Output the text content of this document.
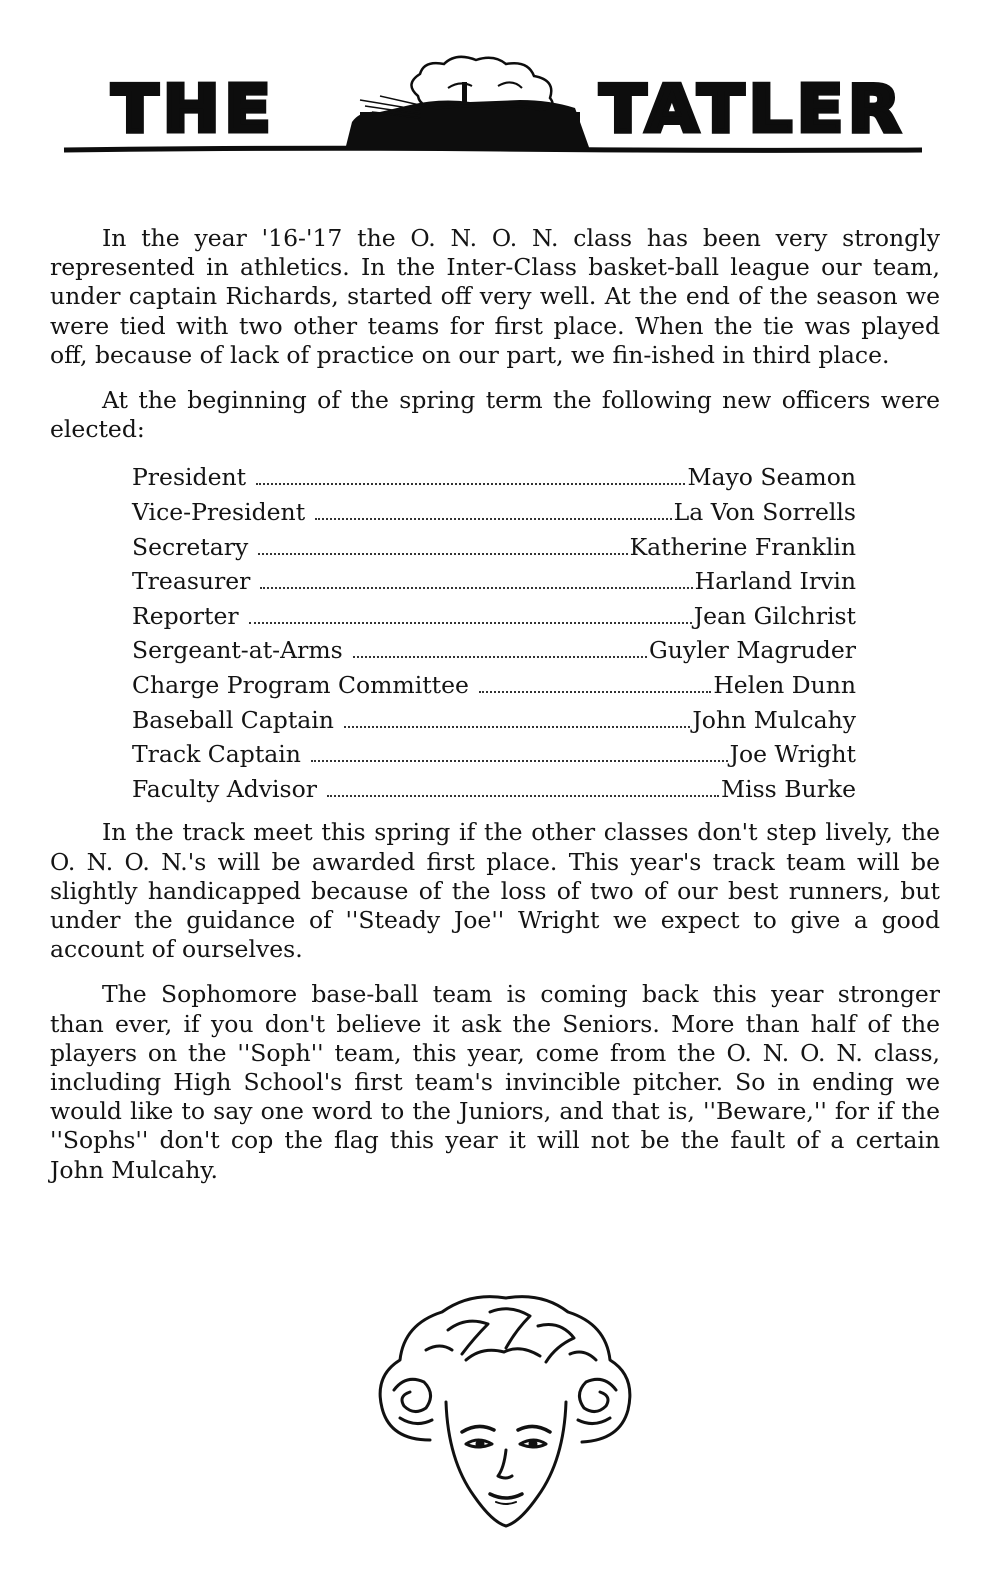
THE	TATLER

In the year '16-'17 the O. N. O. N. class has been very strongly represented in athletics. In the Inter-Class basket-ball league our team, under captain Richards, started off very well. At the end of the season we were tied with two other teams for first place. When the tie was played off, because of lack of practice on our part, we fin-ished in third place.

At the beginning of the spring term the following new officers were elected:

President	Mayo Seamon
Vice-President	La Von Sorrells
Secretary	Katherine Franklin
Treasurer	Harland Irvin
Reporter	Jean Gilchrist
Sergeant-at-Arms	Guyler Magruder
Charge Program Committee	Helen Dunn
Baseball Captain	John Mulcahy
Track Captain	Joe Wright
Faculty Advisor	Miss Burke

In the track meet this spring if the other classes don't step lively, the O. N. O. N.'s will be awarded first place. This year's track team will be slightly handicapped because of the loss of two of our best runners, but under the guidance of ''Steady Joe'' Wright we expect to give a good account of ourselves.

The Sophomore base-ball team is coming back this year stronger than ever, if you don't believe it ask the Seniors. More than half of the players on the ''Soph'' team, this year, come from the O. N. O. N. class, including High School's first team's invincible pitcher. So in ending we would like to say one word to the Juniors, and that is, ''Beware,'' for if the ''Sophs'' don't cop the flag this year it will not be the fault of a certain John Mulcahy.
